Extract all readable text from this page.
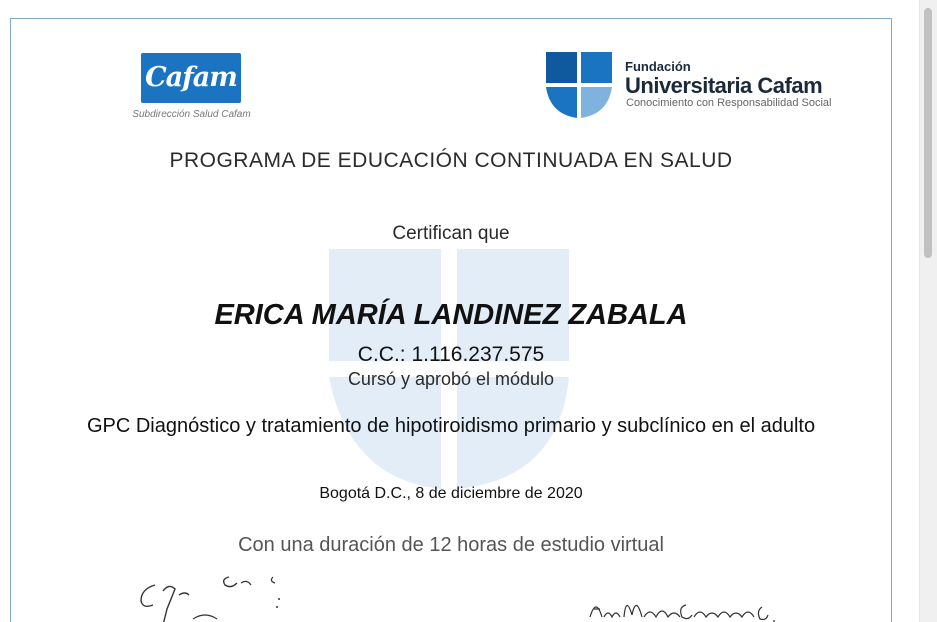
Cafam
Subdirección Salud Cafam
Fundación
Universitaria Cafam
Conocimiento con Responsabilidad Social
PROGRAMA DE EDUCACIÓN CONTINUADA EN SALUD
Certifican que
ERICA MARÍA LANDINEZ ZABALA
C.C.: 1.116.237.575
Cursó y aprobó el módulo
GPC Diagnóstico y tratamiento de hipotiroidismo primario y subclínico en el adulto
Bogotá D.C., 8 de diciembre de 2020
Con una duración de 12 horas de estudio virtual
